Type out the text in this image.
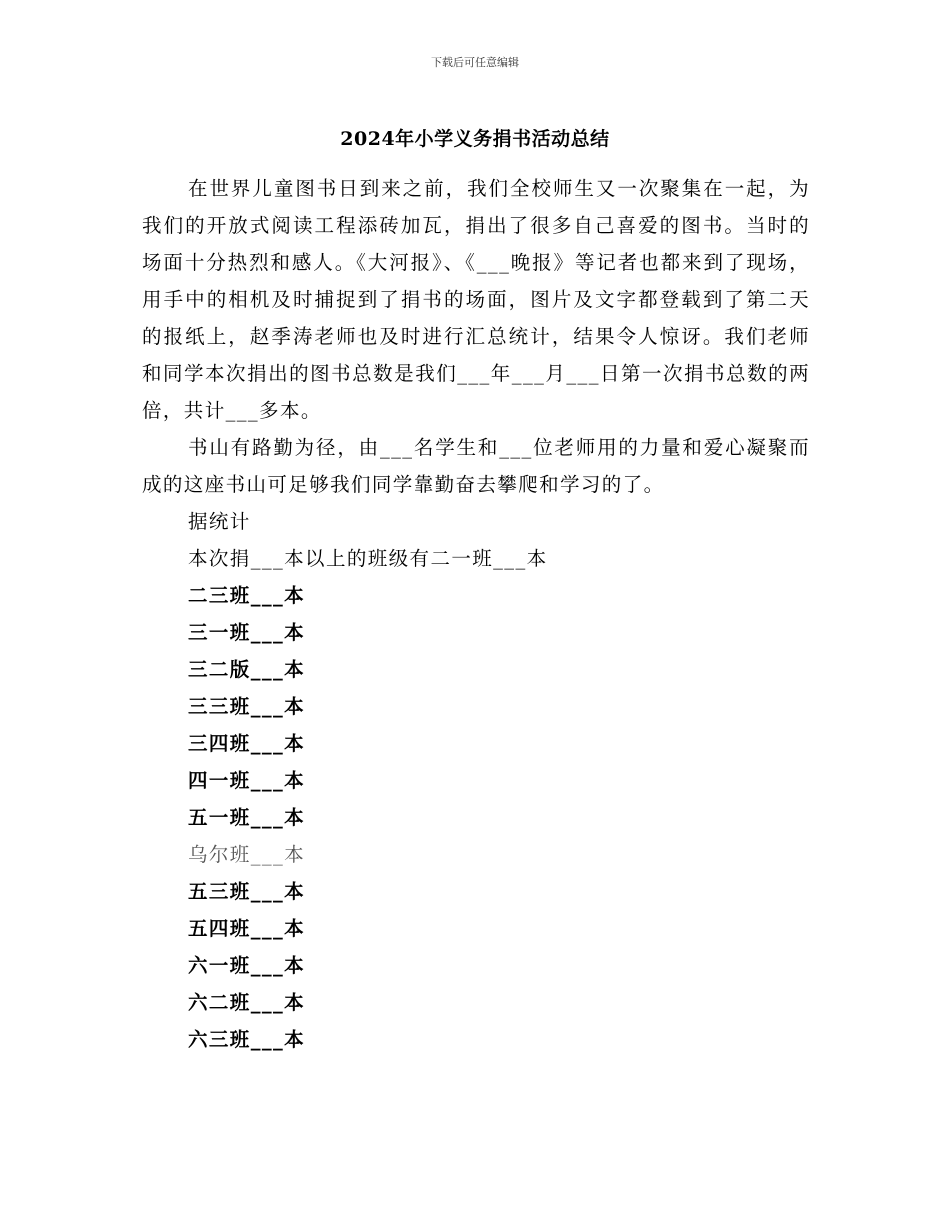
下载后可任意编辑
2024年小学义务捐书活动总结

在世界儿童图书日到来之前，我们全校师生又一次聚集在一起，为我们的开放式阅读工程添砖加瓦，捐出了很多自己喜爱的图书。当时的场面十分热烈和感人。《大河报》、《___晚报》等记者也都来到了现场，用手中的相机及时捕捉到了捐书的场面，图片及文字都登载到了第二天的报纸上，赵季涛老师也及时进行汇总统计，结果令人惊讶。我们老师和同学本次捐出的图书总数是我们___年___月___日第一次捐书总数的两倍，共计___多本。

书山有路勤为径，由___名学生和___位老师用的力量和爱心凝聚而成的这座书山可足够我们同学靠勤奋去攀爬和学习的了。

据统计

本次捐___本以上的班级有二一班___本

二三班___本

三一班___本

三二版___本

三三班___本

三四班___本

四一班___本

五一班___本

乌尔班___本

五三班___本

五四班___本

六一班___本

六二班___本

六三班___本
